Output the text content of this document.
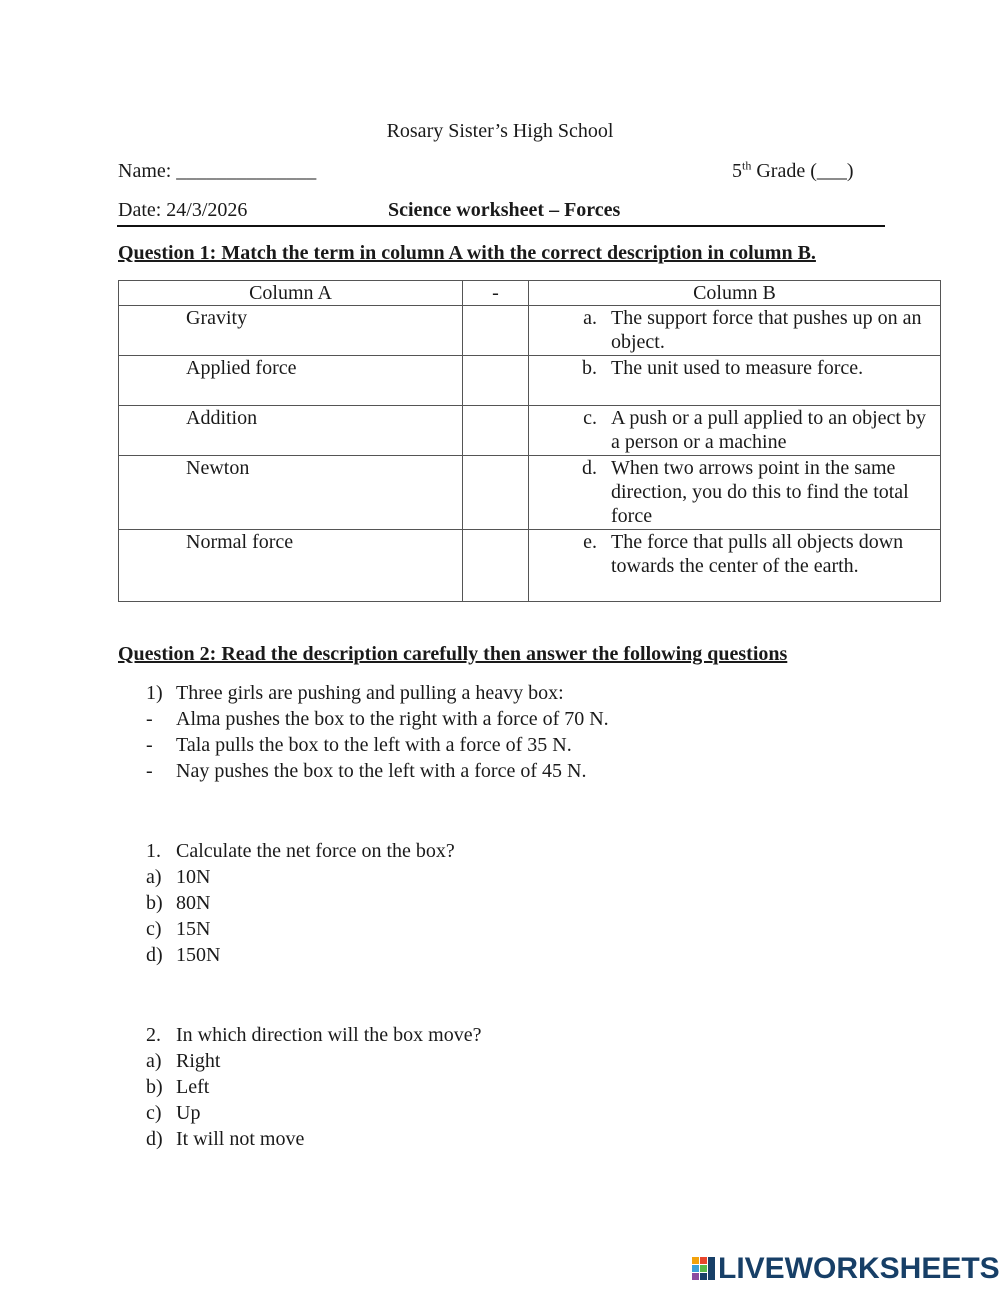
Rosary Sister’s High School
Name: ______________	5th Grade (___)
Date: 24/3/2026	Science worksheet – Forces
Question 1: Match the term in column A with the correct description in column B.
Column A	-	Column B
Gravity		a. The support force that pushes up on an object.

Applied force		b. The unit used to measure force.

Addition		c. A push or a pull applied to an object by a person or a machine

Newton		d. When two arrows point in the same direction, you do this to find the total force

Normal force		e. The force that pulls all objects down towards the center of the earth.
Question 2: Read the description carefully then answer the following questions
1) Three girls are pushing and pulling a heavy box:
- Alma pushes the box to the right with a force of 70 N.
- Tala pulls the box to the left with a force of 35 N.
- Nay pushes the box to the left with a force of 45 N.
1. Calculate the net force on the box?
a) 10N
b) 80N
c) 15N
d) 150N
2. In which direction will the box move?
a) Right
b) Left
c) Up
d) It will not move
LIVEWORKSHEETS
